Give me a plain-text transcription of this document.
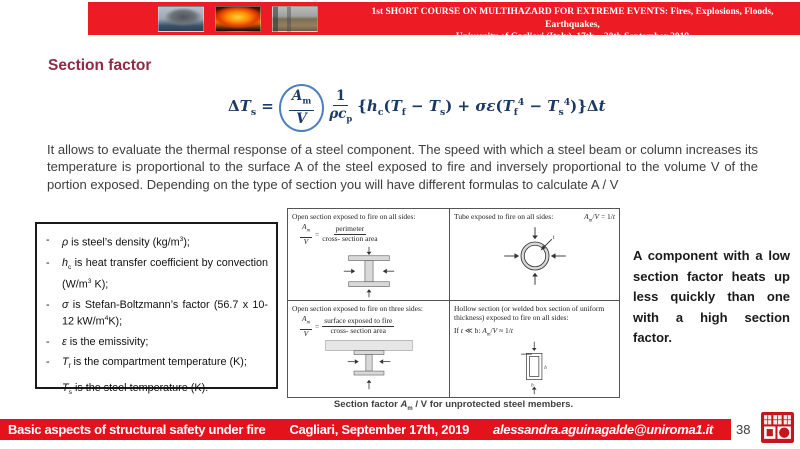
1st SHORT COURSE ON MULTIHAZARD FOR EXTREME EVENTS: Fires, Explosions, Floods, Earthquakes,
University of Cagliari (Italy), 17th – 20th September 2019
Section factor
$\Delta T_s = \frac{A_m}{V} \frac{1}{\rho c_p} \{h_c(T_f - T_s) + \sigma\varepsilon(T_f^4 - T_s^4)\}\Delta t$

It allows to evaluate the thermal response of a steel component. The speed with which a steel beam or column increases its temperature is proportional to the surface A of the steel exposed to fire and inversely proportional to the volume V of the portion exposed. Depending on the type of section you will have different formulas to calculate A / V

-	ρ is steel’s density $(kg/m^3)$;
-	$h_c$ is heat transfer coefficient by convection ($W/m^3$ K);
-	σ is Stefan-Boltzmann’s factor (56.7 x 10-12 $kW/m^4K$);
-	ε is the emissivity;
-	$T_f$ is the compartment temperature (K);
-	$T_s$ is the steel temperature (K).
Open section exposed to fire on all sides:
$\frac{A_m}{V}$ =
perimeter
cross- section area
Tube exposed to fire on all sides:	$A_m/V = 1/t$
t
Open section exposed to fire on three sides:
$\frac{A_m}{V}$ =
surface exposed to fire
cross- section area
Hollow section (or welded box section of uniform thickness) exposed to fire on all sides:
If t ≪ b: $A_m/V \approx 1/t$
h
b
Section factor $A_m$ / V for unprotected steel members.
A component with a low section factor heats up less quickly than one with a high section factor.
Basic aspects of structural safety under fire Cagliari, September 17th, 2019 alessandra.aguinagalde@uniroma1.it 38
